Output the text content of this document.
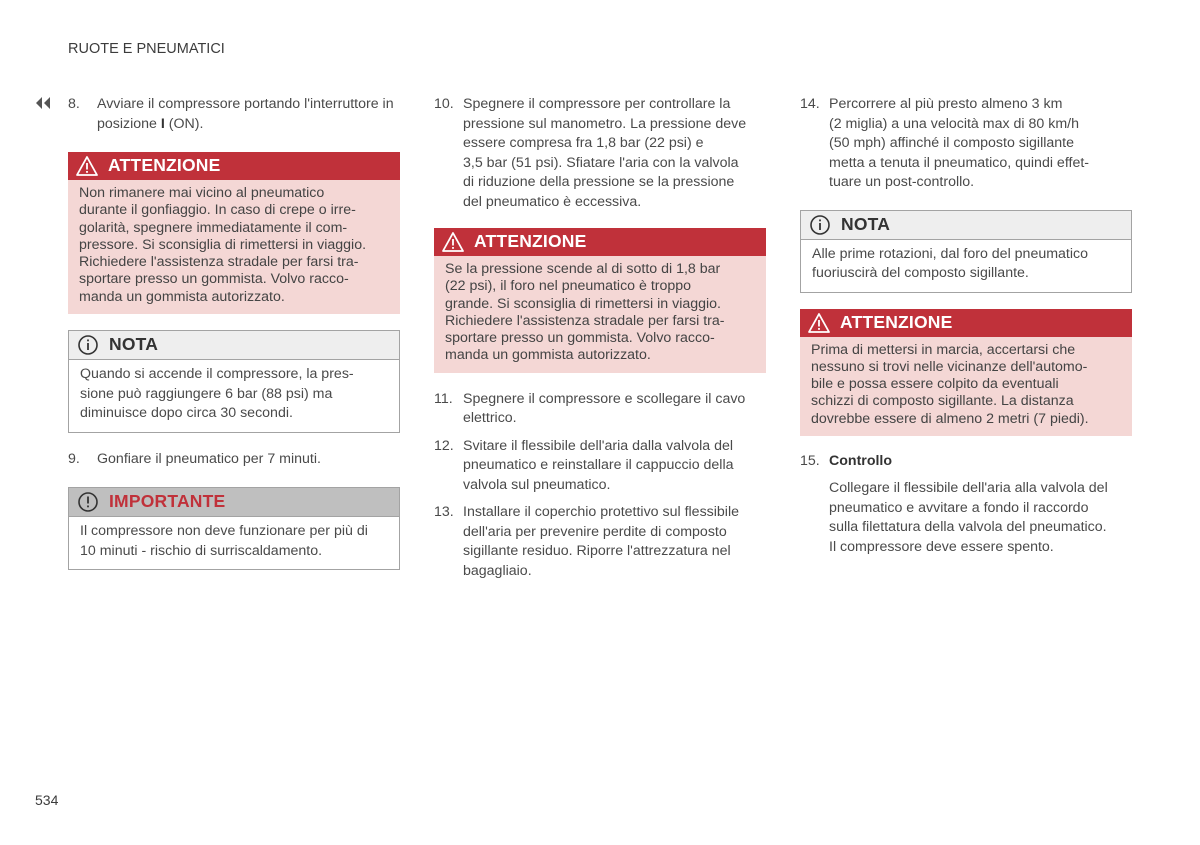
RUOTE E PNEUMATICI
8.	Avviare il compressore portando l'interruttore in posizione I (ON).
ATTENZIONE
Non rimanere mai vicino al pneumatico
durante il gonfiaggio. In caso di crepe o irre-
golarità, spegnere immediatamente il com-
pressore. Si sconsiglia di rimettersi in viaggio.
Richiedere l'assistenza stradale per farsi tra-
sportare presso un gommista. Volvo racco-
manda un gommista autorizzato.
NOTA
Quando si accende il compressore, la pres-
sione può raggiungere 6 bar (88 psi) ma
diminuisce dopo circa 30 secondi.
9.	Gonfiare il pneumatico per 7 minuti.
IMPORTANTE
Il compressore non deve funzionare per più di
10 minuti - rischio di surriscaldamento.
10. Spegnere il compressore per controllare la
pressione sul manometro. La pressione deve
essere compresa fra 1,8 bar (22 psi) e
3,5 bar (51 psi). Sfiatare l'aria con la valvola
di riduzione della pressione se la pressione
del pneumatico è eccessiva.
ATTENZIONE
Se la pressione scende al di sotto di 1,8 bar
(22 psi), il foro nel pneumatico è troppo
grande. Si sconsiglia di rimettersi in viaggio.
Richiedere l'assistenza stradale per farsi tra-
sportare presso un gommista. Volvo racco-
manda un gommista autorizzato.
11. Spegnere il compressore e scollegare il cavo
elettrico.
12. Svitare il flessibile dell'aria dalla valvola del
pneumatico e reinstallare il cappuccio della
valvola sul pneumatico.
13. Installare il coperchio protettivo sul flessibile
dell'aria per prevenire perdite di composto
sigillante residuo. Riporre l'attrezzatura nel
bagagliaio.
14. Percorrere al più presto almeno 3 km
(2 miglia) a una velocità max di 80 km/h
(50 mph) affinché il composto sigillante
metta a tenuta il pneumatico, quindi effet-
tuare un post-controllo.
NOTA
Alle prime rotazioni, dal foro del pneumatico
fuoriuscirà del composto sigillante.
ATTENZIONE
Prima di mettersi in marcia, accertarsi che
nessuno si trovi nelle vicinanze dell'automo-
bile e possa essere colpito da eventuali
schizzi di composto sigillante. La distanza
dovrebbe essere di almeno 2 metri (7 piedi).
15. Controllo
Collegare il flessibile dell'aria alla valvola del
pneumatico e avvitare a fondo il raccordo
sulla filettatura della valvola del pneumatico.
Il compressore deve essere spento.
534
